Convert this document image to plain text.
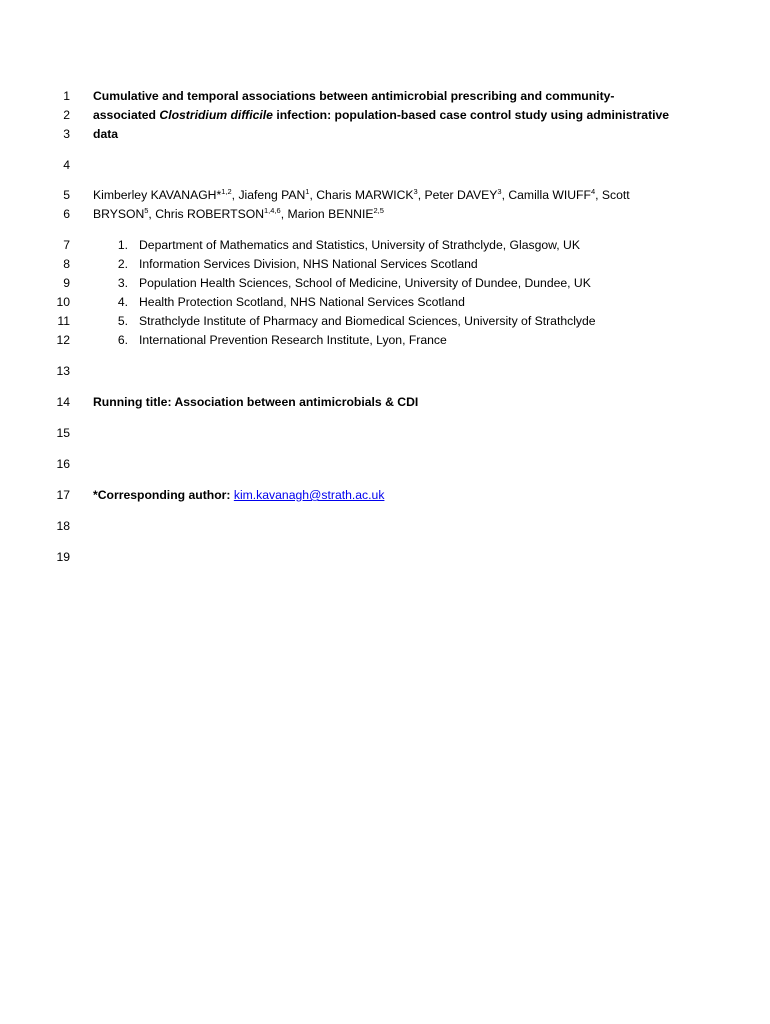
1 Cumulative and temporal associations between antimicrobial prescribing and community-
2 associated Clostridium difficile infection: population-based case control study using administrative
3 data
4
5 Kimberley KAVANAGH*$^{1,2}$, Jiafeng PAN$^1$, Charis MARWICK$^3$, Peter DAVEY$^3$, Camilla WIUFF$^4$, Scott
6 BRYSON$^5$, Chris ROBERTSON$^{1,4,6}$, Marion BENNIE$^{2,5}$
7	1. Department of Mathematics and Statistics, University of Strathclyde, Glasgow, UK
8	2. Information Services Division, NHS National Services Scotland
9	3. Population Health Sciences, School of Medicine, University of Dundee, Dundee, UK
10	4. Health Protection Scotland, NHS National Services Scotland
11	5. Strathclyde Institute of Pharmacy and Biomedical Sciences, University of Strathclyde
12	6. International Prevention Research Institute, Lyon, France
13
14 Running title: Association between antimicrobials & CDI
15
16
17 *Corresponding author: kim.kavanagh@strath.ac.uk
18
19
